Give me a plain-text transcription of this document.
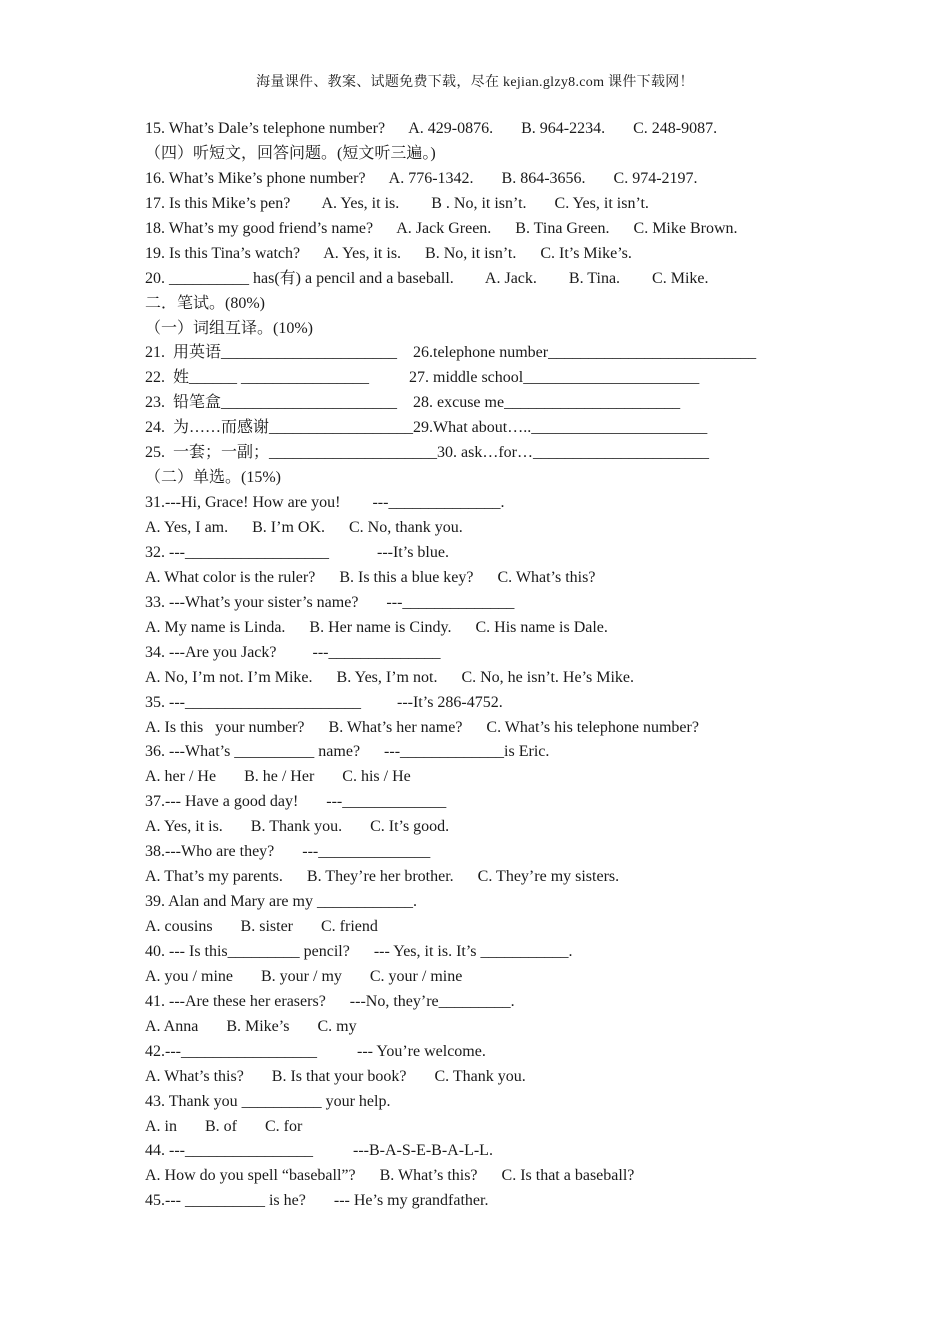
海量课件、教案、试题免费下载，尽在 kejian.glzy8.com 课件下载网！
15. What’s Dale’s telephone number?      A. 429-0876.       B. 964-2234.       C. 248-9087.
（四）听短文，回答问题。(短文听三遍。)
16. What’s Mike’s phone number?      A. 776-1342.       B. 864-3656.       C. 974-2197.
17. Is this Mike’s pen?        A. Yes, it is.        B . No, it isn’t.       C. Yes, it isn’t.
18. What’s my good friend’s name?      A. Jack Green.      B. Tina Green.      C. Mike Brown.
19. Is this Tina’s watch?      A. Yes, it is.      B. No, it isn’t.      C. It’s Mike’s.
20. __________ has(有) a pencil and a baseball.        A. Jack.        B. Tina.        C. Mike.
二．笔试。(80%)
（一）词组互译。(10%)
21.  用英语______________________    26.telephone number__________________________
22.  姓______ ________________          27. middle school______________________
23.  铅笔盒______________________    28. excuse me______________________
24.  为……而感谢__________________29.What about…..______________________
25.  一套；一副；_____________________30. ask…for…______________________
（二）单选。(15%)
31.---Hi, Grace! How are you!        ---______________.
A. Yes, I am.      B. I’m OK.      C. No, thank you.
32. ---__________________            ---It’s blue.
A. What color is the ruler?      B. Is this a blue key?      C. What’s this?
33. ---What’s your sister’s name?       ---______________
A. My name is Linda.      B. Her name is Cindy.      C. His name is Dale.
34. ---Are you Jack?         ---______________
A. No, I’m not. I’m Mike.      B. Yes, I’m not.      C. No, he isn’t. He’s Mike.
35. ---______________________         ---It’s 286-4752.
A. Is this   your number?      B. What’s her name?      C. What’s his telephone number?
36. ---What’s __________ name?      ---_____________is Eric.
A. her / He       B. he / Her       C. his / He
37.--- Have a good day!       ---_____________
A. Yes, it is.       B. Thank you.       C. It’s good.
38.---Who are they?       ---______________
A. That’s my parents.      B. They’re her brother.      C. They’re my sisters.
39. Alan and Mary are my ____________.
A. cousins       B. sister       C. friend
40. --- Is this_________ pencil?      --- Yes, it is. It’s ___________.
A. you / mine       B. your / my       C. your / mine
41. ---Are these her erasers?      ---No, they’re_________.
A. Anna       B. Mike’s       C. my
42.---_________________          --- You’re welcome.
A. What’s this?       B. Is that your book?       C. Thank you.
43. Thank you __________ your help.
A. in       B. of       C. for
44. ---________________          ---B-A-S-E-B-A-L-L.
A. How do you spell “baseball”?      B. What’s this?      C. Is that a baseball?
45.--- __________ is he?       --- He’s my grandfather.
